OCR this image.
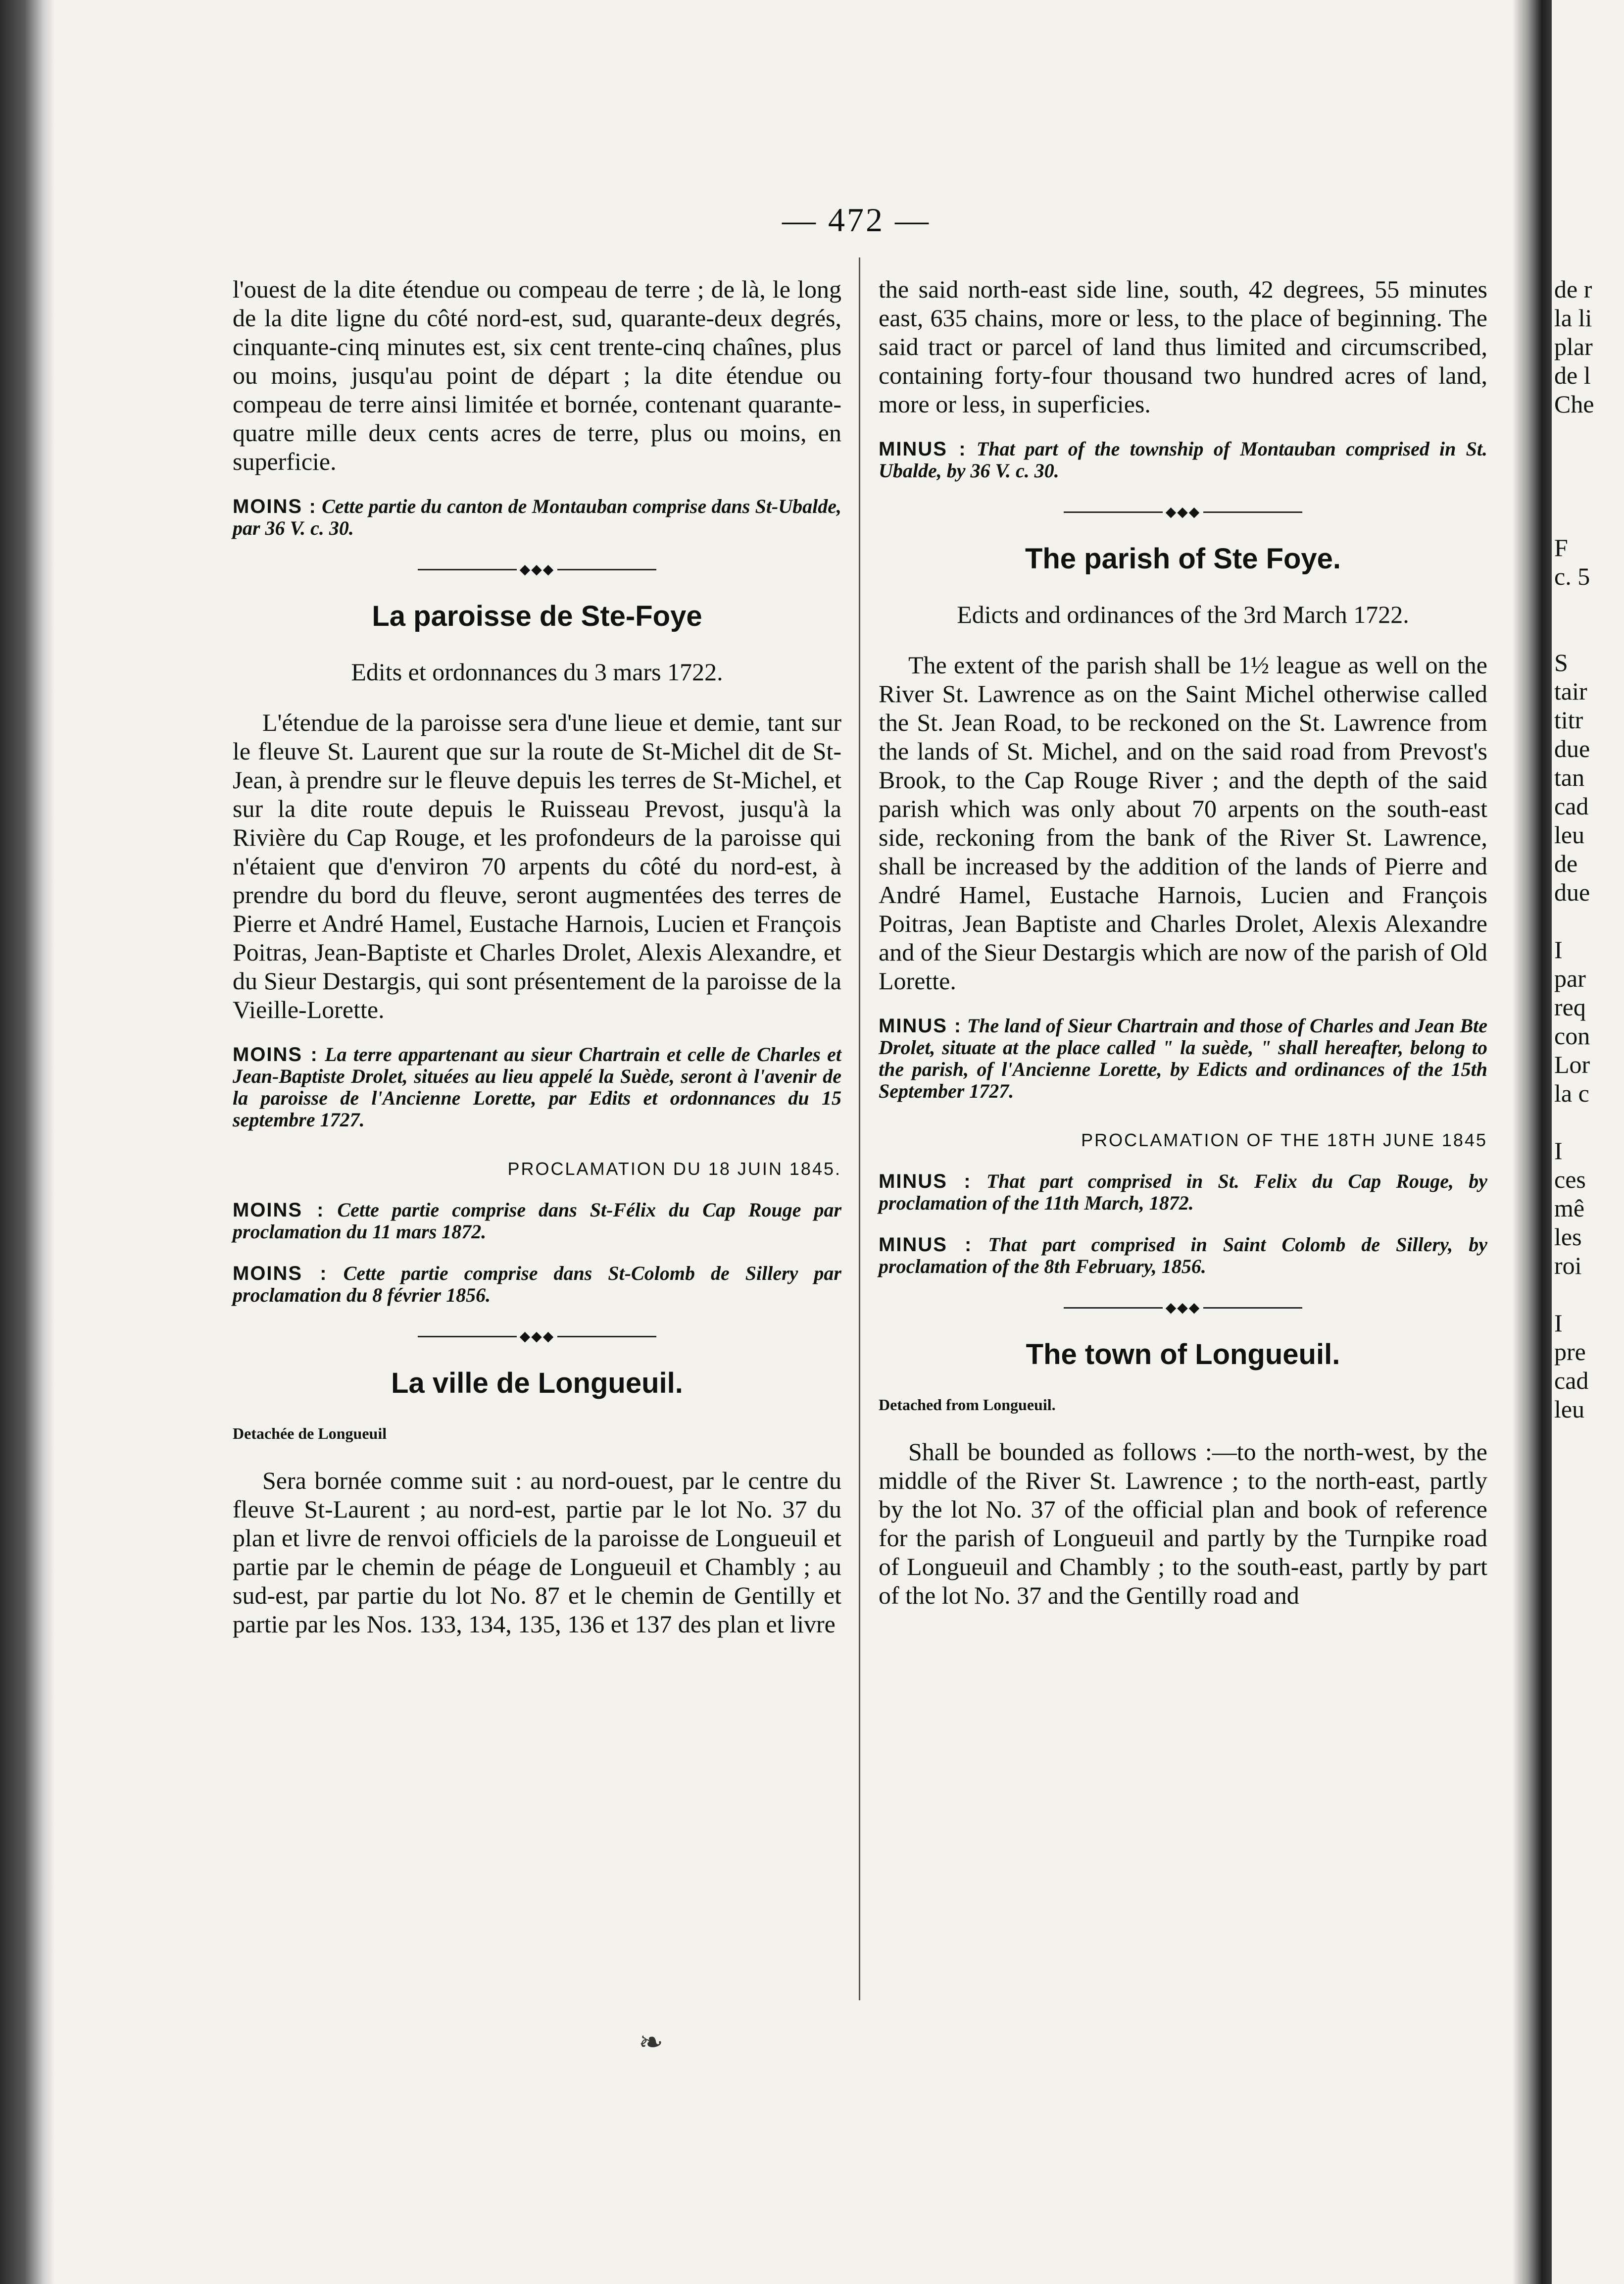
— 472 —

l'ouest de la dite étendue ou compeau de terre ; de là, le long de la dite ligne du côté nord-est, sud, quarante-deux degrés, cinquante-cinq minutes est, six cent trente-cinq chaînes, plus ou moins, jusqu'au point de départ ; la dite étendue ou compeau de terre ainsi limitée et bornée, contenant quarante-quatre mille deux cents acres de terre, plus ou moins, en superficie.

MOINS : Cette partie du canton de Montauban comprise dans St-Ubalde, par 36 V. c. 30.

◆◆◆
La paroisse de Ste-Foye
Edits et ordonnances du 3 mars 1722.

L'étendue de la paroisse sera d'une lieue et demie, tant sur le fleuve St. Laurent que sur la route de St-Michel dit de St-Jean, à prendre sur le fleuve depuis les terres de St-Michel, et sur la dite route depuis le Ruisseau Prevost, jusqu'à la Rivière du Cap Rouge, et les profondeurs de la paroisse qui n'étaient que d'environ 70 arpents du côté du nord-est, à prendre du bord du fleuve, seront augmentées des terres de Pierre et André Hamel, Eustache Harnois, Lucien et François Poitras, Jean-Baptiste et Charles Drolet, Alexis Alexandre, et du Sieur Destargis, qui sont présentement de la paroisse de la Vieille-Lorette.

MOINS : La terre appartenant au sieur Chartrain et celle de Charles et Jean-Baptiste Drolet, situées au lieu appelé la Suède, seront à l'avenir de la paroisse de l'Ancienne Lorette, par Edits et ordonnances du 15 septembre 1727.

PROCLAMATION DU 18 JUIN 1845.

MOINS : Cette partie comprise dans St-Félix du Cap Rouge par proclamation du 11 mars 1872.

MOINS : Cette partie comprise dans St-Colomb de Sillery par proclamation du 8 février 1856.

◆◆◆
La ville de Longueuil.
Detachée de Longueuil

Sera bornée comme suit : au nord-ouest, par le centre du fleuve St-Laurent ; au nord-est, partie par le lot No. 37 du plan et livre de renvoi officiels de la paroisse de Longueuil et partie par le chemin de péage de Longueuil et Chambly ; au sud-est, par partie du lot No. 87 et le chemin de Gentilly et partie par les Nos. 133, 134, 135, 136 et 137 des plan et livre

the said north-east side line, south, 42 degrees, 55 minutes east, 635 chains, more or less, to the place of beginning. The said tract or parcel of land thus limited and circumscribed, containing forty-four thousand two hundred acres of land, more or less, in superficies.

MINUS : That part of the township of Montauban comprised in St. Ubalde, by 36 V. c. 30.

◆◆◆
The parish of Ste Foye.
Edicts and ordinances of the 3rd March 1722.

The extent of the parish shall be 1½ league as well on the River St. Lawrence as on the Saint Michel otherwise called the St. Jean Road, to be reckoned on the St. Lawrence from the lands of St. Michel, and on the said road from Prevost's Brook, to the Cap Rouge River ; and the depth of the said parish which was only about 70 arpents on the south-east side, reckoning from the bank of the River St. Lawrence, shall be increased by the addition of the lands of Pierre and André Hamel, Eustache Harnois, Lucien and François Poitras, Jean Baptiste and Charles Drolet, Alexis Alexandre and of the Sieur Destargis which are now of the parish of Old Lorette.

MINUS : The land of Sieur Chartrain and those of Charles and Jean Bte Drolet, situate at the place called " la suède, " shall hereafter, belong to the parish, of l'Ancienne Lorette, by Edicts and ordinances of the 15th September 1727.

PROCLAMATION OF THE 18TH JUNE 1845

MINUS : That part comprised in St. Felix du Cap Rouge, by proclamation of the 11th March, 1872.

MINUS : That part comprised in Saint Colomb de Sillery, by proclamation of the 8th February, 1856.

◆◆◆
The town of Longueuil.
Detached from Longueuil.

Shall be bounded as follows :—to the north-west, by the middle of the River St. Lawrence ; to the north-east, partly by the lot No. 37 of the official plan and book of reference for the parish of Longueuil and partly by the Turnpike road of Longueuil and Chambly ; to the south-east, partly by part of the lot No. 37 and the Gentilly road and

de r
la li
plar
de l
Che

F
c. 5

S
tair
titr
due
tan
cad
leu
de
due

I
par
req
con
Lor
la c

I
ces
mê
les
roi

I
pre
cad
leu
❧
